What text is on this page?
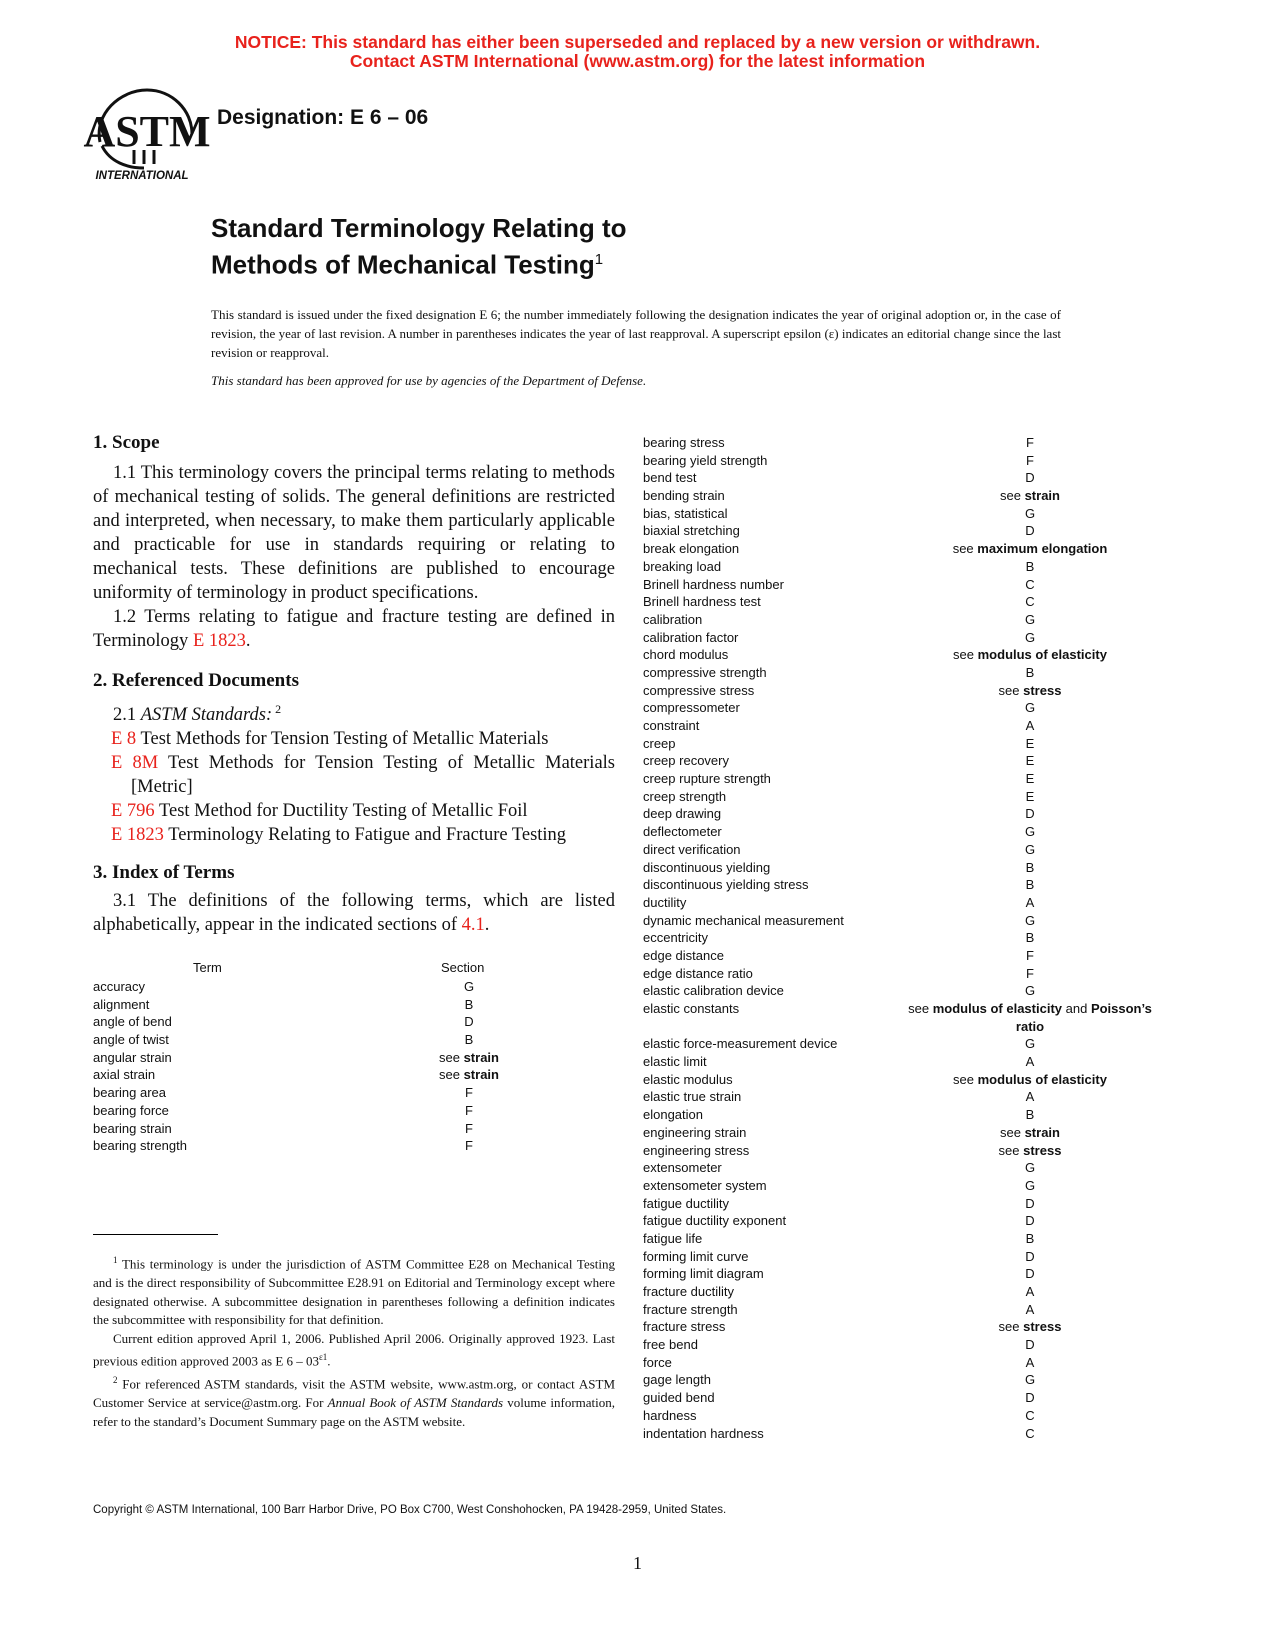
NOTICE: This standard has either been superseded and replaced by a new version or withdrawn.
Contact ASTM International (www.astm.org) for the latest information
ASTM
INTERNATIONAL
Designation: E 6 – 06
Standard Terminology Relating to
Methods of Mechanical Testing$^1$
This standard is issued under the fixed designation E 6; the number immediately following the designation indicates the year of original adoption or, in the case of revision, the year of last revision. A number in parentheses indicates the year of last reapproval. A superscript epsilon (ε) indicates an editorial change since the last revision or reapproval.
This standard has been approved for use by agencies of the Department of Defense.
1. Scope

1.1 This terminology covers the principal terms relating to methods of mechanical testing of solids. The general definitions are restricted and interpreted, when necessary, to make them particularly applicable and practicable for use in standards requiring or relating to mechanical tests. These definitions are published to encourage uniformity of terminology in product specifications.

1.2 Terms relating to fatigue and fracture testing are defined in Terminology E 1823.

2. Referenced Documents

2.1 ASTM Standards: $^2$

E 8 Test Methods for Tension Testing of Metallic Materials

E 8M Test Methods for Tension Testing of Metallic Materials [Metric]

E 796 Test Method for Ductility Testing of Metallic Foil

E 1823 Terminology Relating to Fatigue and Fracture Testing

3. Index of Terms

3.1 The definitions of the following terms, which are listed alphabetically, appear in the indicated sections of 4.1.

Term	Section
accuracy	G
alignment	B
angle of bend	D
angle of twist	B
angular strain	see strain
axial strain	see strain
bearing area	F
bearing force	F
bearing strain	F
bearing strength	F
bearing stress	F
bearing yield strength	F
bend test	D
bending strain	see strain
bias, statistical	G
biaxial stretching	D
break elongation	see maximum elongation
breaking load	B
Brinell hardness number	C
Brinell hardness test	C
calibration	G
calibration factor	G
chord modulus	see modulus of elasticity
compressive strength	B
compressive stress	see stress
compressometer	G
constraint	A
creep	E
creep recovery	E
creep rupture strength	E
creep strength	E
deep drawing	D
deflectometer	G
direct verification	G
discontinuous yielding	B
discontinuous yielding stress	B
ductility	A
dynamic mechanical measurement	G
eccentricity	B
edge distance	F
edge distance ratio	F
elastic calibration device	G
elastic constants	see modulus of elasticity and Poisson’s
ratio
elastic force-measurement device	G
elastic limit	A
elastic modulus	see modulus of elasticity
elastic true strain	A
elongation	B
engineering strain	see strain
engineering stress	see stress
extensometer	G
extensometer system	G
fatigue ductility	D
fatigue ductility exponent	D
fatigue life	B
forming limit curve	D
forming limit diagram	D
fracture ductility	A
fracture strength	A
fracture stress	see stress
free bend	D
force	A
gage length	G
guided bend	D
hardness	C
indentation hardness	C

$^1$ This terminology is under the jurisdiction of ASTM Committee E28 on Mechanical Testing and is the direct responsibility of Subcommittee E28.91 on Editorial and Terminology except where designated otherwise. A subcommittee designation in parentheses following a definition indicates the subcommittee with responsibility for that definition.

Current edition approved April 1, 2006. Published April 2006. Originally approved 1923. Last previous edition approved 2003 as E $6 - 03^{\varepsilon 1}$.

$^2$ For referenced ASTM standards, visit the ASTM website, www.astm.org, or contact ASTM Customer Service at service@astm.org. For Annual Book of ASTM Standards volume information, refer to the standard’s Document Summary page on the ASTM website.

Copyright © ASTM International, 100 Barr Harbor Drive, PO Box C700, West Conshohocken, PA 19428-2959, United States.
1
